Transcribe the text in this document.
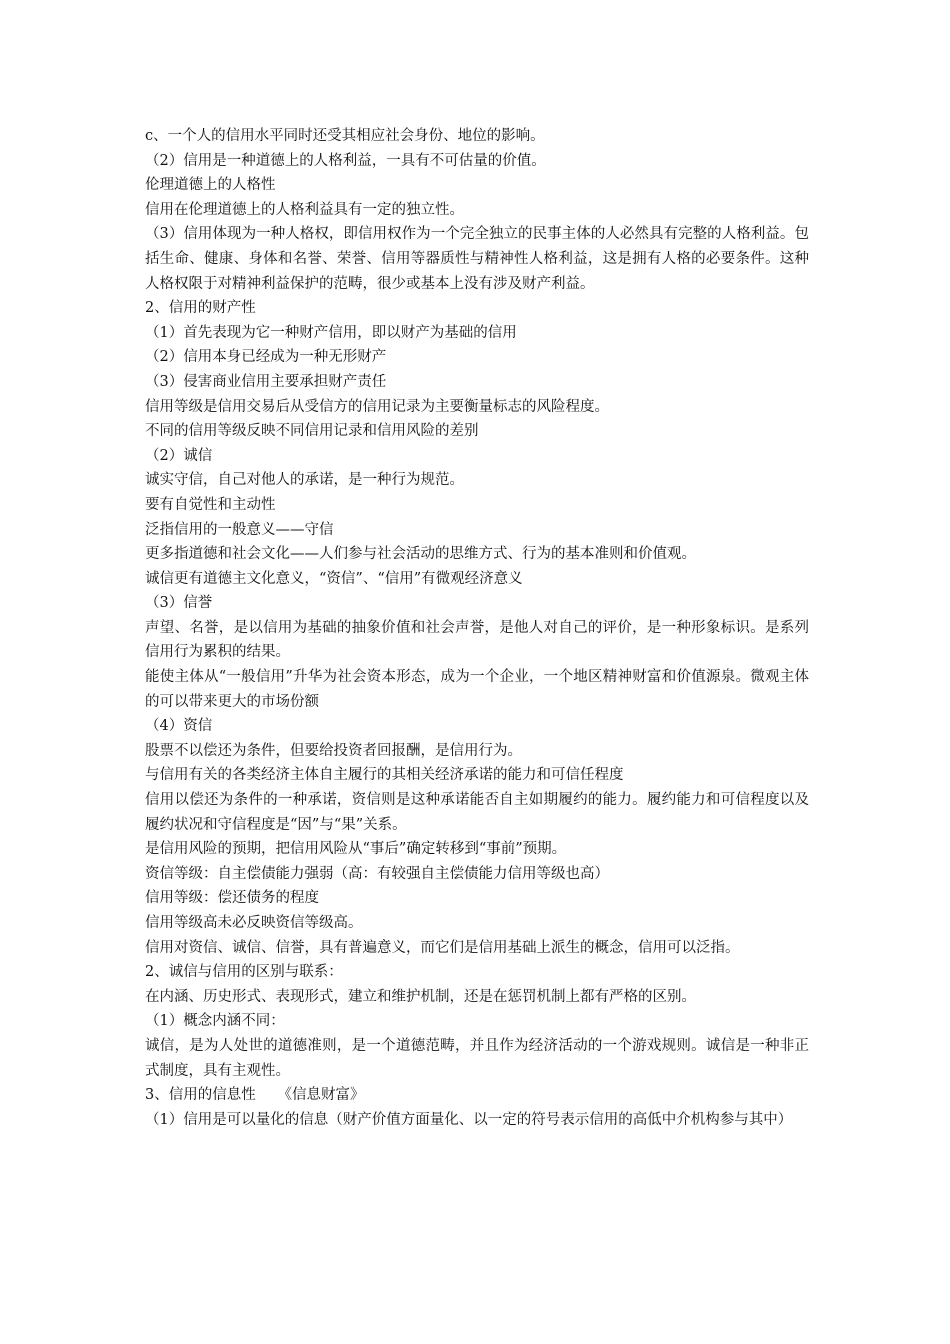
c、一个人的信用水平同时还受其相应社会身份、地位的影响。

（2）信用是一种道德上的人格利益，一具有不可估量的价值。

伦理道德上的人格性

信用在伦理道德上的人格利益具有一定的独立性。

（3）信用体现为一种人格权，即信用权作为一个完全独立的民事主体的人必然具有完整的人格利益。包括生命、健康、身体和名誉、荣誉、信用等器质性与精神性人格利益，这是拥有人格的必要条件。这种人格权限于对精神利益保护的范畴，很少或基本上没有涉及财产利益。

2、信用的财产性

（1）首先表现为它一种财产信用，即以财产为基础的信用

（2）信用本身已经成为一种无形财产

（3）侵害商业信用主要承担财产责任

信用等级是信用交易后从受信方的信用记录为主要衡量标志的风险程度。

不同的信用等级反映不同信用记录和信用风险的差别

（2）诚信

诚实守信，自己对他人的承诺，是一种行为规范。

要有自觉性和主动性

泛指信用的一般意义——守信

更多指道德和社会文化——人们参与社会活动的思维方式、行为的基本准则和价值观。

诚信更有道德主文化意义，“资信”、“信用”有微观经济意义

（3）信誉

声望、名誉，是以信用为基础的抽象价值和社会声誉，是他人对自己的评价，是一种形象标识。是系列信用行为累积的结果。

能使主体从“一般信用”升华为社会资本形态，成为一个企业，一个地区精神财富和价值源泉。微观主体的可以带来更大的市场份额

（4）资信

股票不以偿还为条件，但要给投资者回报酬，是信用行为。

与信用有关的各类经济主体自主履行的其相关经济承诺的能力和可信任程度

信用以偿还为条件的一种承诺，资信则是这种承诺能否自主如期履约的能力。履约能力和可信程度以及履约状况和守信程度是“因”与“果”关系。

是信用风险的预期，把信用风险从“事后”确定转移到“事前”预期。

资信等级：自主偿债能力强弱（高：有较强自主偿债能力信用等级也高）

信用等级：偿还债务的程度

信用等级高未必反映资信等级高。

信用对资信、诚信、信誉，具有普遍意义，而它们是信用基础上派生的概念，信用可以泛指。

2、诚信与信用的区别与联系：

在内涵、历史形式、表现形式，建立和维护机制，还是在惩罚机制上都有严格的区别。

（1）概念内涵不同：

诚信，是为人处世的道德准则，是一个道德范畴，并且作为经济活动的一个游戏规则。诚信是一种非正式制度，具有主观性。

3、信用的信息性　　《信息财富》

（1）信用是可以量化的信息（财产价值方面量化、以一定的符号表示信用的高低中介机构参与其中）
